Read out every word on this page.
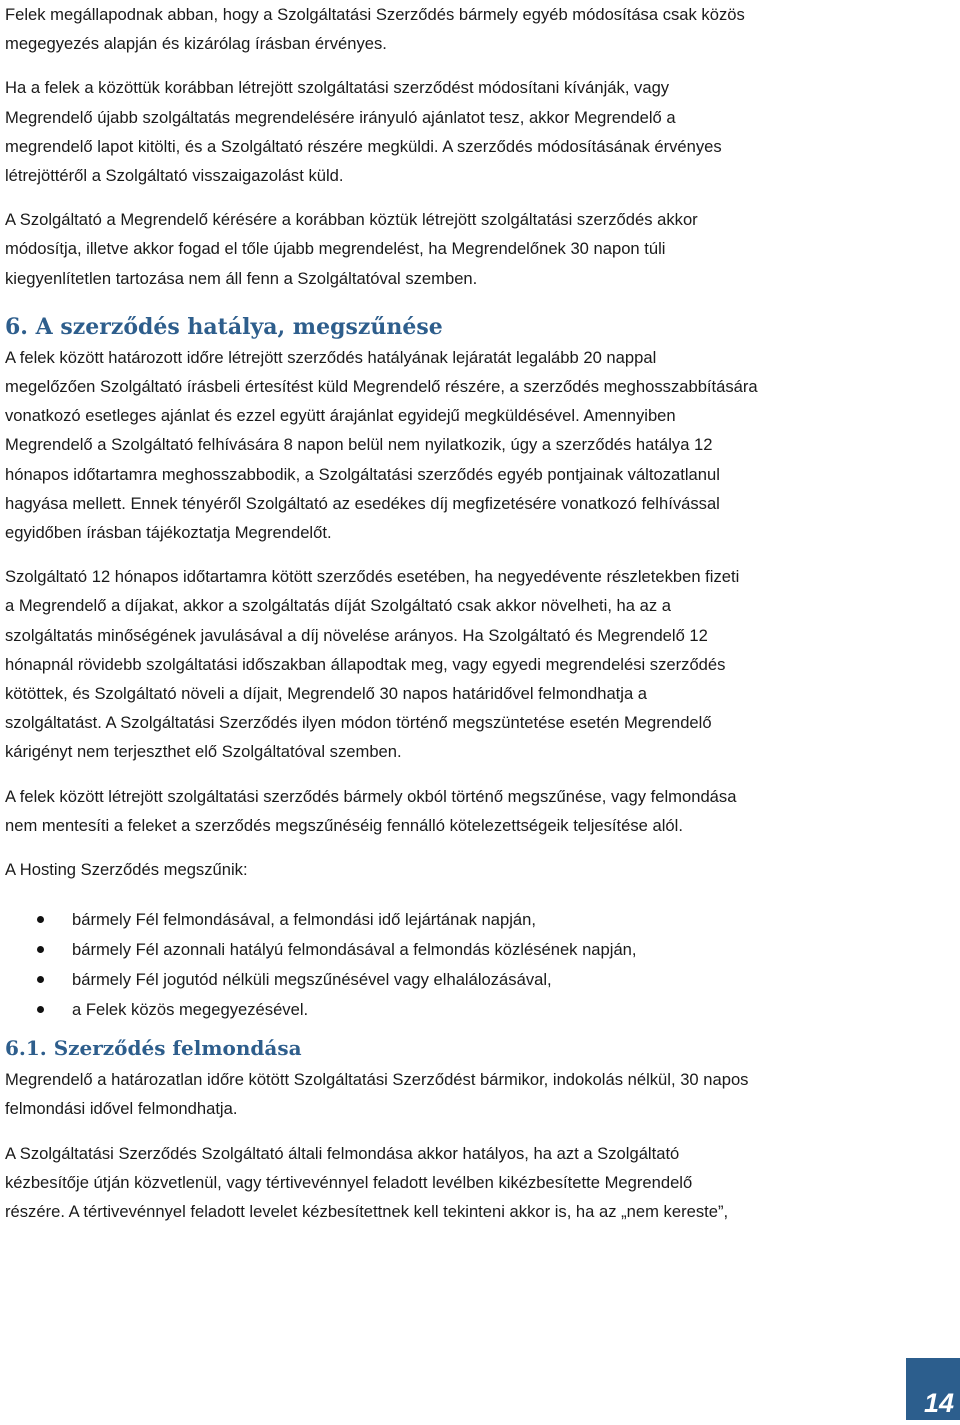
Felek megállapodnak abban, hogy a Szolgáltatási Szerződés bármely egyéb módosítása csak közös
megegyezés alapján és kizárólag írásban érvényes.

Ha a felek a közöttük korábban létrejött szolgáltatási szerződést módosítani kívánják, vagy
Megrendelő újabb szolgáltatás megrendelésére irányuló ajánlatot tesz, akkor Megrendelő a
megrendelő lapot kitölti, és a Szolgáltató részére megküldi. A szerződés módosításának érvényes
létrejöttéről a Szolgáltató visszaigazolást küld.

A Szolgáltató a Megrendelő kérésére a korábban köztük létrejött szolgáltatási szerződés akkor
módosítja, illetve akkor fogad el tőle újabb megrendelést, ha Megrendelőnek 30 napon túli
kiegyenlítetlen tartozása nem áll fenn a Szolgáltatóval szemben.

6. A szerződés hatálya, megszűnése

A felek között határozott időre létrejött szerződés hatályának lejáratát legalább 20 nappal
megelőzően Szolgáltató írásbeli értesítést küld Megrendelő részére, a szerződés meghosszabbítására
vonatkozó esetleges ajánlat és ezzel együtt árajánlat egyidejű megküldésével. Amennyiben
Megrendelő a Szolgáltató felhívására 8 napon belül nem nyilatkozik, úgy a szerződés hatálya 12
hónapos időtartamra meghosszabbodik, a Szolgáltatási szerződés egyéb pontjainak változatlanul
hagyása mellett. Ennek tényéről Szolgáltató az esedékes díj megfizetésére vonatkozó felhívással
egyidőben írásban tájékoztatja Megrendelőt.

Szolgáltató 12 hónapos időtartamra kötött szerződés esetében, ha negyedévente részletekben fizeti
a Megrendelő a díjakat, akkor a szolgáltatás díját Szolgáltató csak akkor növelheti, ha az a
szolgáltatás minőségének javulásával a díj növelése arányos. Ha Szolgáltató és Megrendelő 12
hónapnál rövidebb szolgáltatási időszakban állapodtak meg, vagy egyedi megrendelési szerződés
kötöttek, és Szolgáltató növeli a díjait, Megrendelő 30 napos határidővel felmondhatja a
szolgáltatást. A Szolgáltatási Szerződés ilyen módon történő megszüntetése esetén Megrendelő
kárigényt nem terjeszthet elő Szolgáltatóval szemben.

A felek között létrejött szolgáltatási szerződés bármely okból történő megszűnése, vagy felmondása
nem mentesíti a feleket a szerződés megszűnéséig fennálló kötelezettségeik teljesítése alól.

A Hosting Szerződés megszűnik:

bármely Fél felmondásával, a felmondási idő lejártának napján,
bármely Fél azonnali hatályú felmondásával a felmondás közlésének napján,
bármely Fél jogutód nélküli megszűnésével vagy elhalálozásával,
a Felek közös megegyezésével.
6.1. Szerződés felmondása

Megrendelő a határozatlan időre kötött Szolgáltatási Szerződést bármikor, indokolás nélkül, 30 napos
felmondási idővel felmondhatja.

A Szolgáltatási Szerződés Szolgáltató általi felmondása akkor hatályos, ha azt a Szolgáltató
kézbesítője útján közvetlenül, vagy tértivevénnyel feladott levélben kikézbesítette Megrendelő
részére. A tértivevénnyel feladott levelet kézbesítettnek kell tekinteni akkor is, ha az „nem kereste”,

14
